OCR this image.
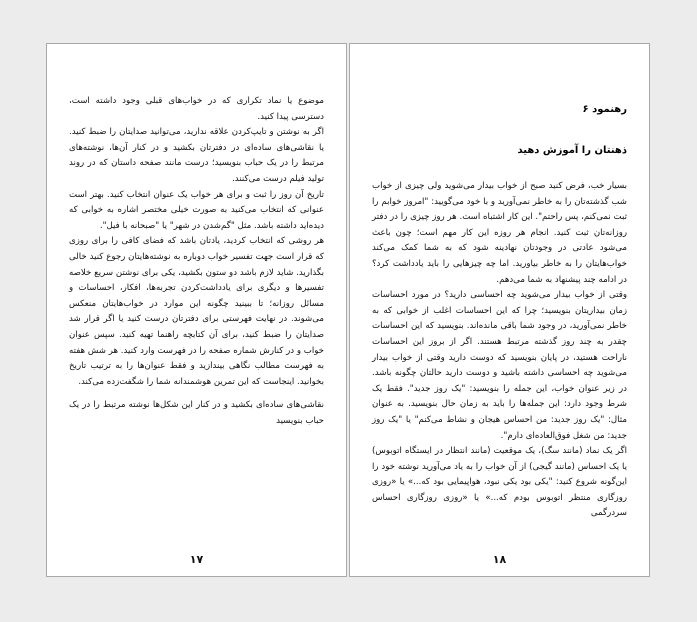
موضوع یا نماد تکراری که در خواب‌های قبلی وجود داشته است، دسترسی پیدا کنید.

اگر به نوشتن و تایپ‌کردن علاقه ندارید، می‌توانید صدایتان را ضبط کنید. یا نقاشی‌های ساده‌ای در دفترتان بکشید و در کنار آن‌ها، نوشته‌های مرتبط را در یک حباب بنویسید؛ درست مانند صفحه داستان که در روند تولید فیلم درست می‌کنند.

تاریخ آن روز را ثبت و برای هر خواب یک عنوان انتخاب کنید. بهتر است عنوانی که انتخاب می‌کنید به صورت خیلی مختصر اشاره به خوابی که دیده‌اید داشته باشد. مثل "گم‌شدن در شهر" یا "صبحانه با فیل".

هر روشی که انتخاب کردید، یادتان باشد که فضای کافی را برای روزی که قرار است جهت تفسیر خواب دوباره به نوشته‌هایتان رجوع کنید خالی بگذارید. شاید لازم باشد دو ستون بکشید، یکی برای نوشتن سریع خلاصه تفسیرها و دیگری برای یادداشت‌کردن تجربه‌ها، افکار، احساسات و مسائل روزانه؛ تا ببینید چگونه این موارد در خواب‌هایتان منعکس می‌شوند. در نهایت فهرستی برای دفترتان درست کنید یا اگر قرار شد صدایتان را ضبط کنید، برای آن کتابچه راهنما تهیه کنید. سپس عنوان خواب و در کنارش شماره صفحه را در فهرست وارد کنید. هر شش هفته به فهرست مطالب نگاهی بیندازید و فقط عنوان‌ها را به ترتیب تاریخ بخوانید. اینجاست که این تمرین هوشمندانه شما را شگفت‌زده می‌کند.

نقاشی‌های ساده‌ای بکشید و در کنار این شکل‌ها نوشته مرتبط را در یک حباب بنویسید

۱۷
رهنمود ۶
ذهنتان را آموزش دهید

بسیار خب، فرض کنید صبح از خواب بیدار می‌شوید ولی چیزی از خواب شب گذشته‌تان را به خاطر نمی‌آورید و با خود می‌گویید: "امروز خوابم را ثبت نمی‌کنم، پس راحتم". این کار اشتباه است. هر روز چیزی را در دفتر روزانه‌تان ثبت کنید. انجام هر روزه این کار مهم است؛ چون باعث می‌شود عادتی در وجودتان نهادینه شود که به شما کمک می‌کند خواب‌هایتان را به خاطر بیاورید. اما چه چیزهایی را باید یادداشت کرد؟ در ادامه چند پیشنهاد به شما می‌دهم.

وقتی از خواب بیدار می‌شوید چه احساسی دارید؟ در مورد احساسات زمان بیدار‌یتان بنویسید؛ چرا که این احساسات اغلب از خوابی که به خاطر نمی‌آورید، در وجود شما باقی مانده‌اند. بنویسید که این احساسات چقدر به چند روز گذشته مرتبط هستند. اگر از بروز این احساسات ناراحت هستید، در پایان بنویسید که دوست دارید وقتی از خواب بیدار می‌شوید چه احساسی داشته باشید و دوست دارید حالتان چگونه باشد. در زیر عنوان خواب، این جمله را بنویسید: "یک روز جدید". فقط یک شرط وجود دارد: این جمله‌ها را باید به زمان حال بنویسید. به عنوان مثال: "یک روز جدید: من احساس هیجان و نشاط می‌کنم" یا "یک روز جدید: من شغل فوق‌العاده‌ای دارم".

اگر یک نماد (مانند سگ)، یک موقعیت (مانند انتظار در ایستگاه اتوبوس) یا یک احساس (مانند گیجی) از آن خواب را به یاد می‌آورید نوشته خود را این‌گونه شروع کنید: "یکی بود یکی نبود، هواپیمایی بود که...» یا «روزی روزگاری منتظر اتوبوس بودم که...» یا «روزی روزگاری احساس سردرگمی

۱۸
